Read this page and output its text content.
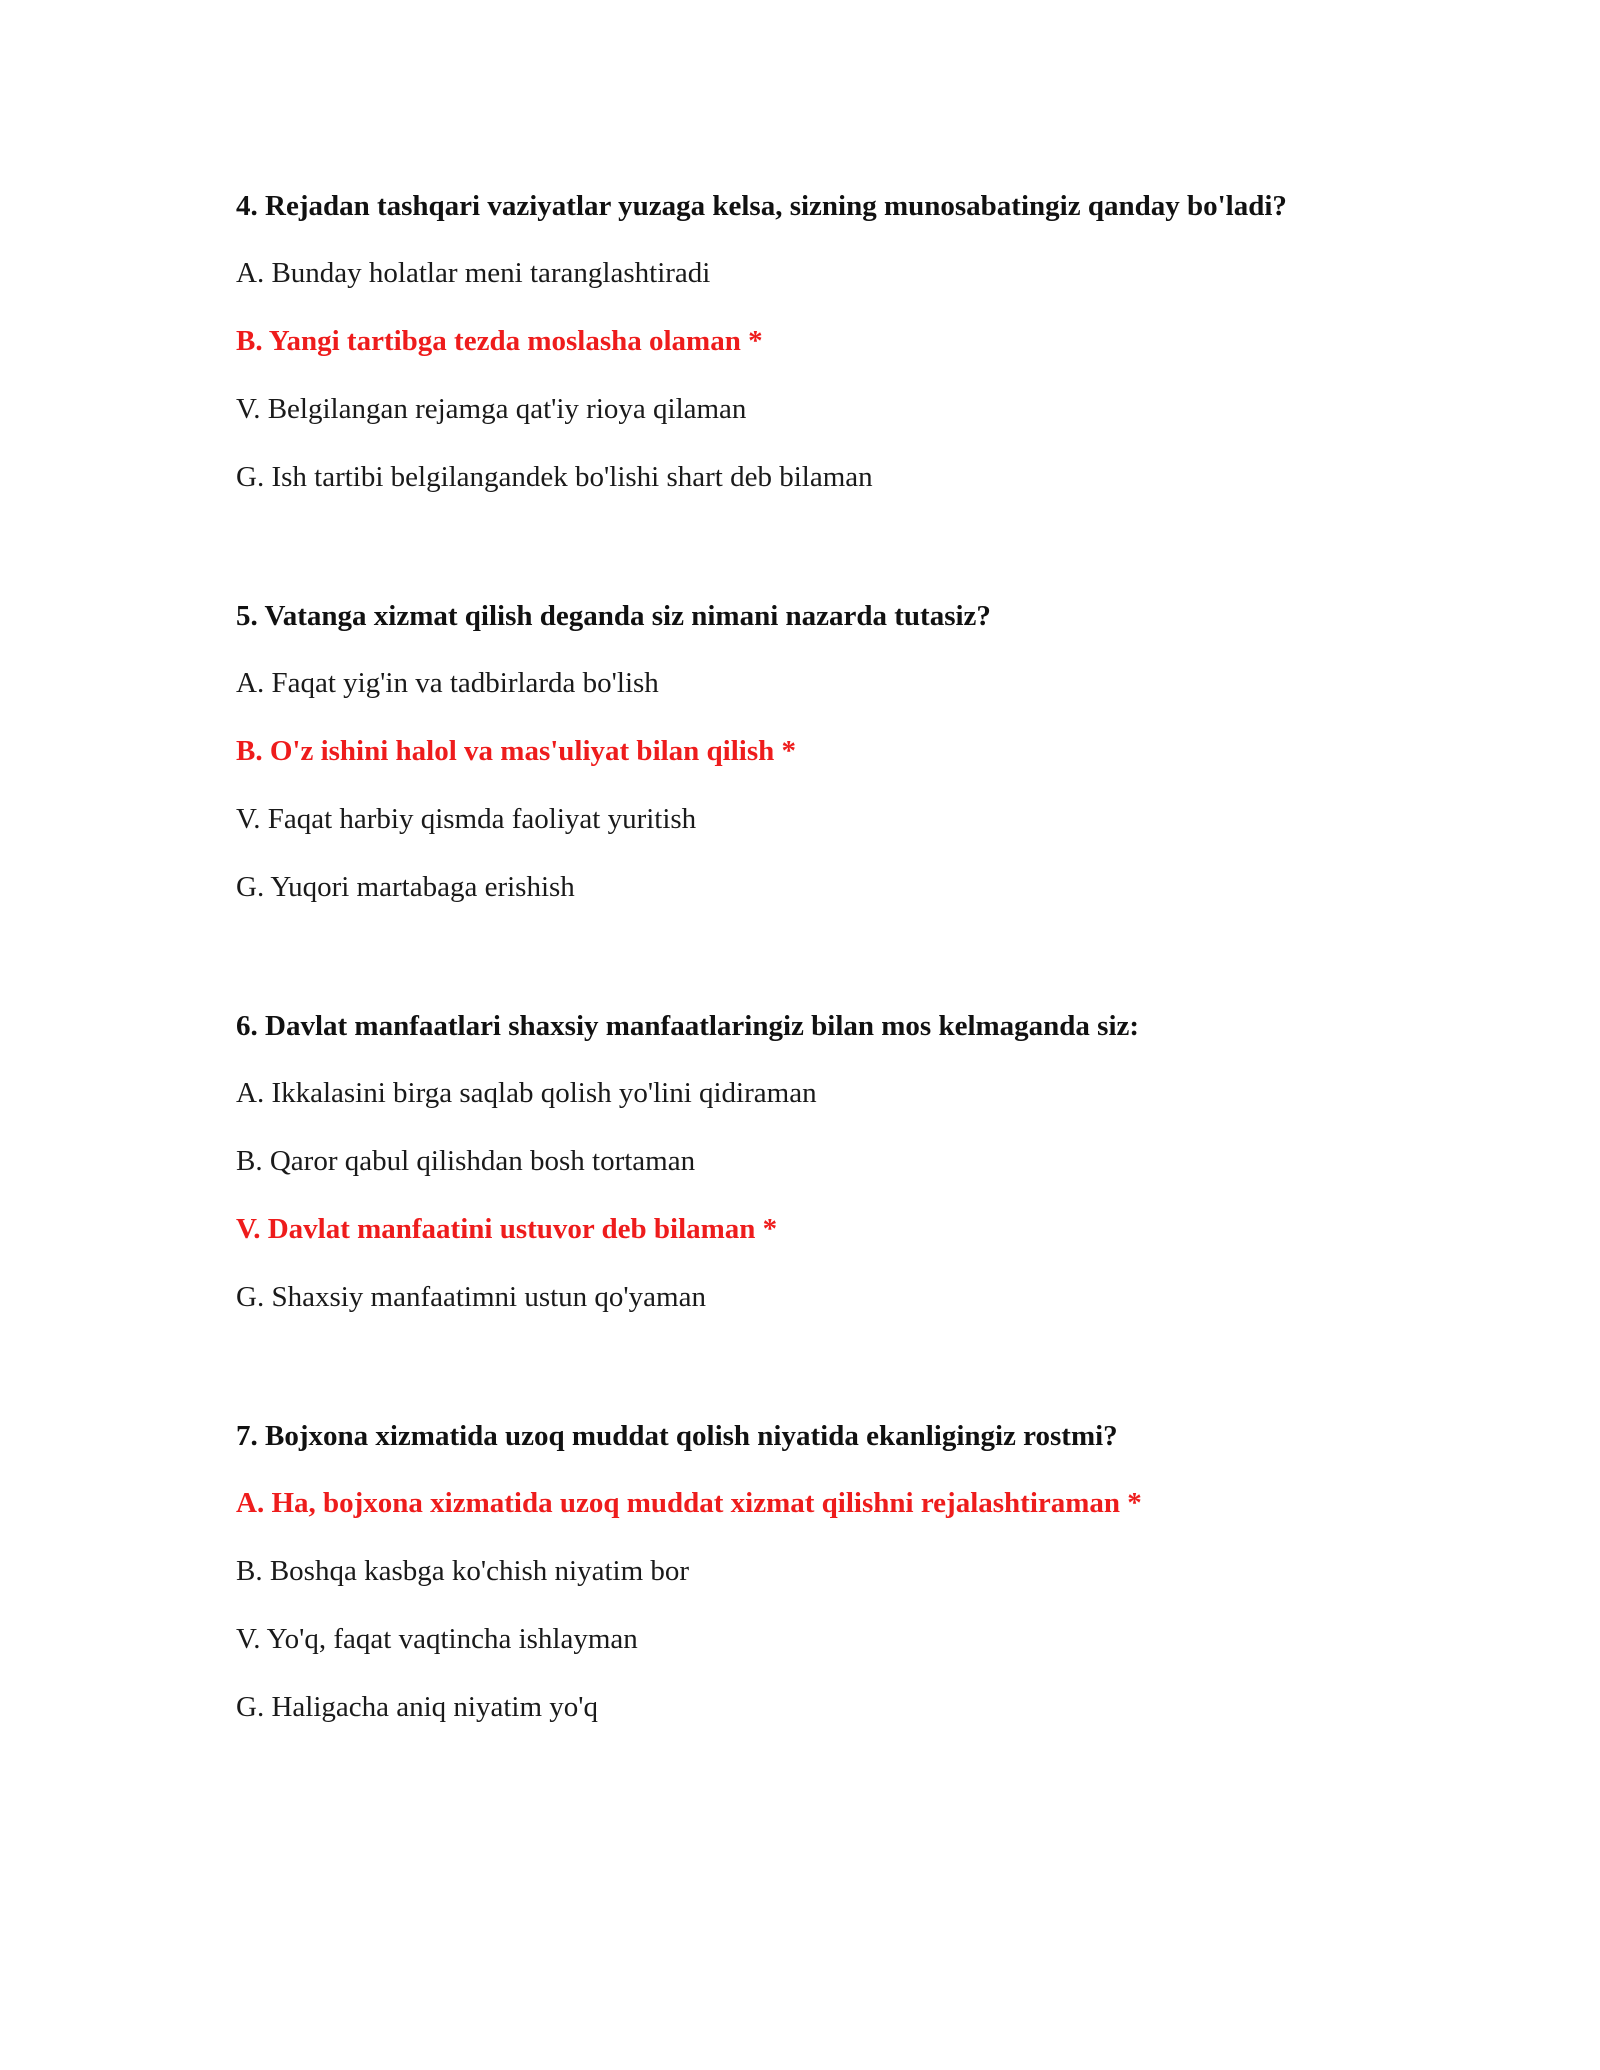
4. Rejadan tashqari vaziyatlar yuzaga kelsa, sizning munosabatingiz qanday bo'ladi?

A. Bunday holatlar meni taranglashtiradi

B. Yangi tartibga tezda moslasha olaman *

V. Belgilangan rejamga qat'iy rioya qilaman

G. Ish tartibi belgilangandek bo'lishi shart deb bilaman

5. Vatanga xizmat qilish deganda siz nimani nazarda tutasiz?

A. Faqat yig'in va tadbirlarda bo'lish

B. O'z ishini halol va mas'uliyat bilan qilish *

V. Faqat harbiy qismda faoliyat yuritish

G. Yuqori martabaga erishish

6. Davlat manfaatlari shaxsiy manfaatlaringiz bilan mos kelmaganda siz:

A. Ikkalasini birga saqlab qolish yo'lini qidiraman

B. Qaror qabul qilishdan bosh tortaman

V. Davlat manfaatini ustuvor deb bilaman *

G. Shaxsiy manfaatimni ustun qo'yaman

7. Bojxona xizmatida uzoq muddat qolish niyatida ekanligingiz rostmi?

A. Ha, bojxona xizmatida uzoq muddat xizmat qilishni rejalashtiraman *

B. Boshqa kasbga ko'chish niyatim bor

V. Yo'q, faqat vaqtincha ishlayman

G. Haligacha aniq niyatim yo'q
